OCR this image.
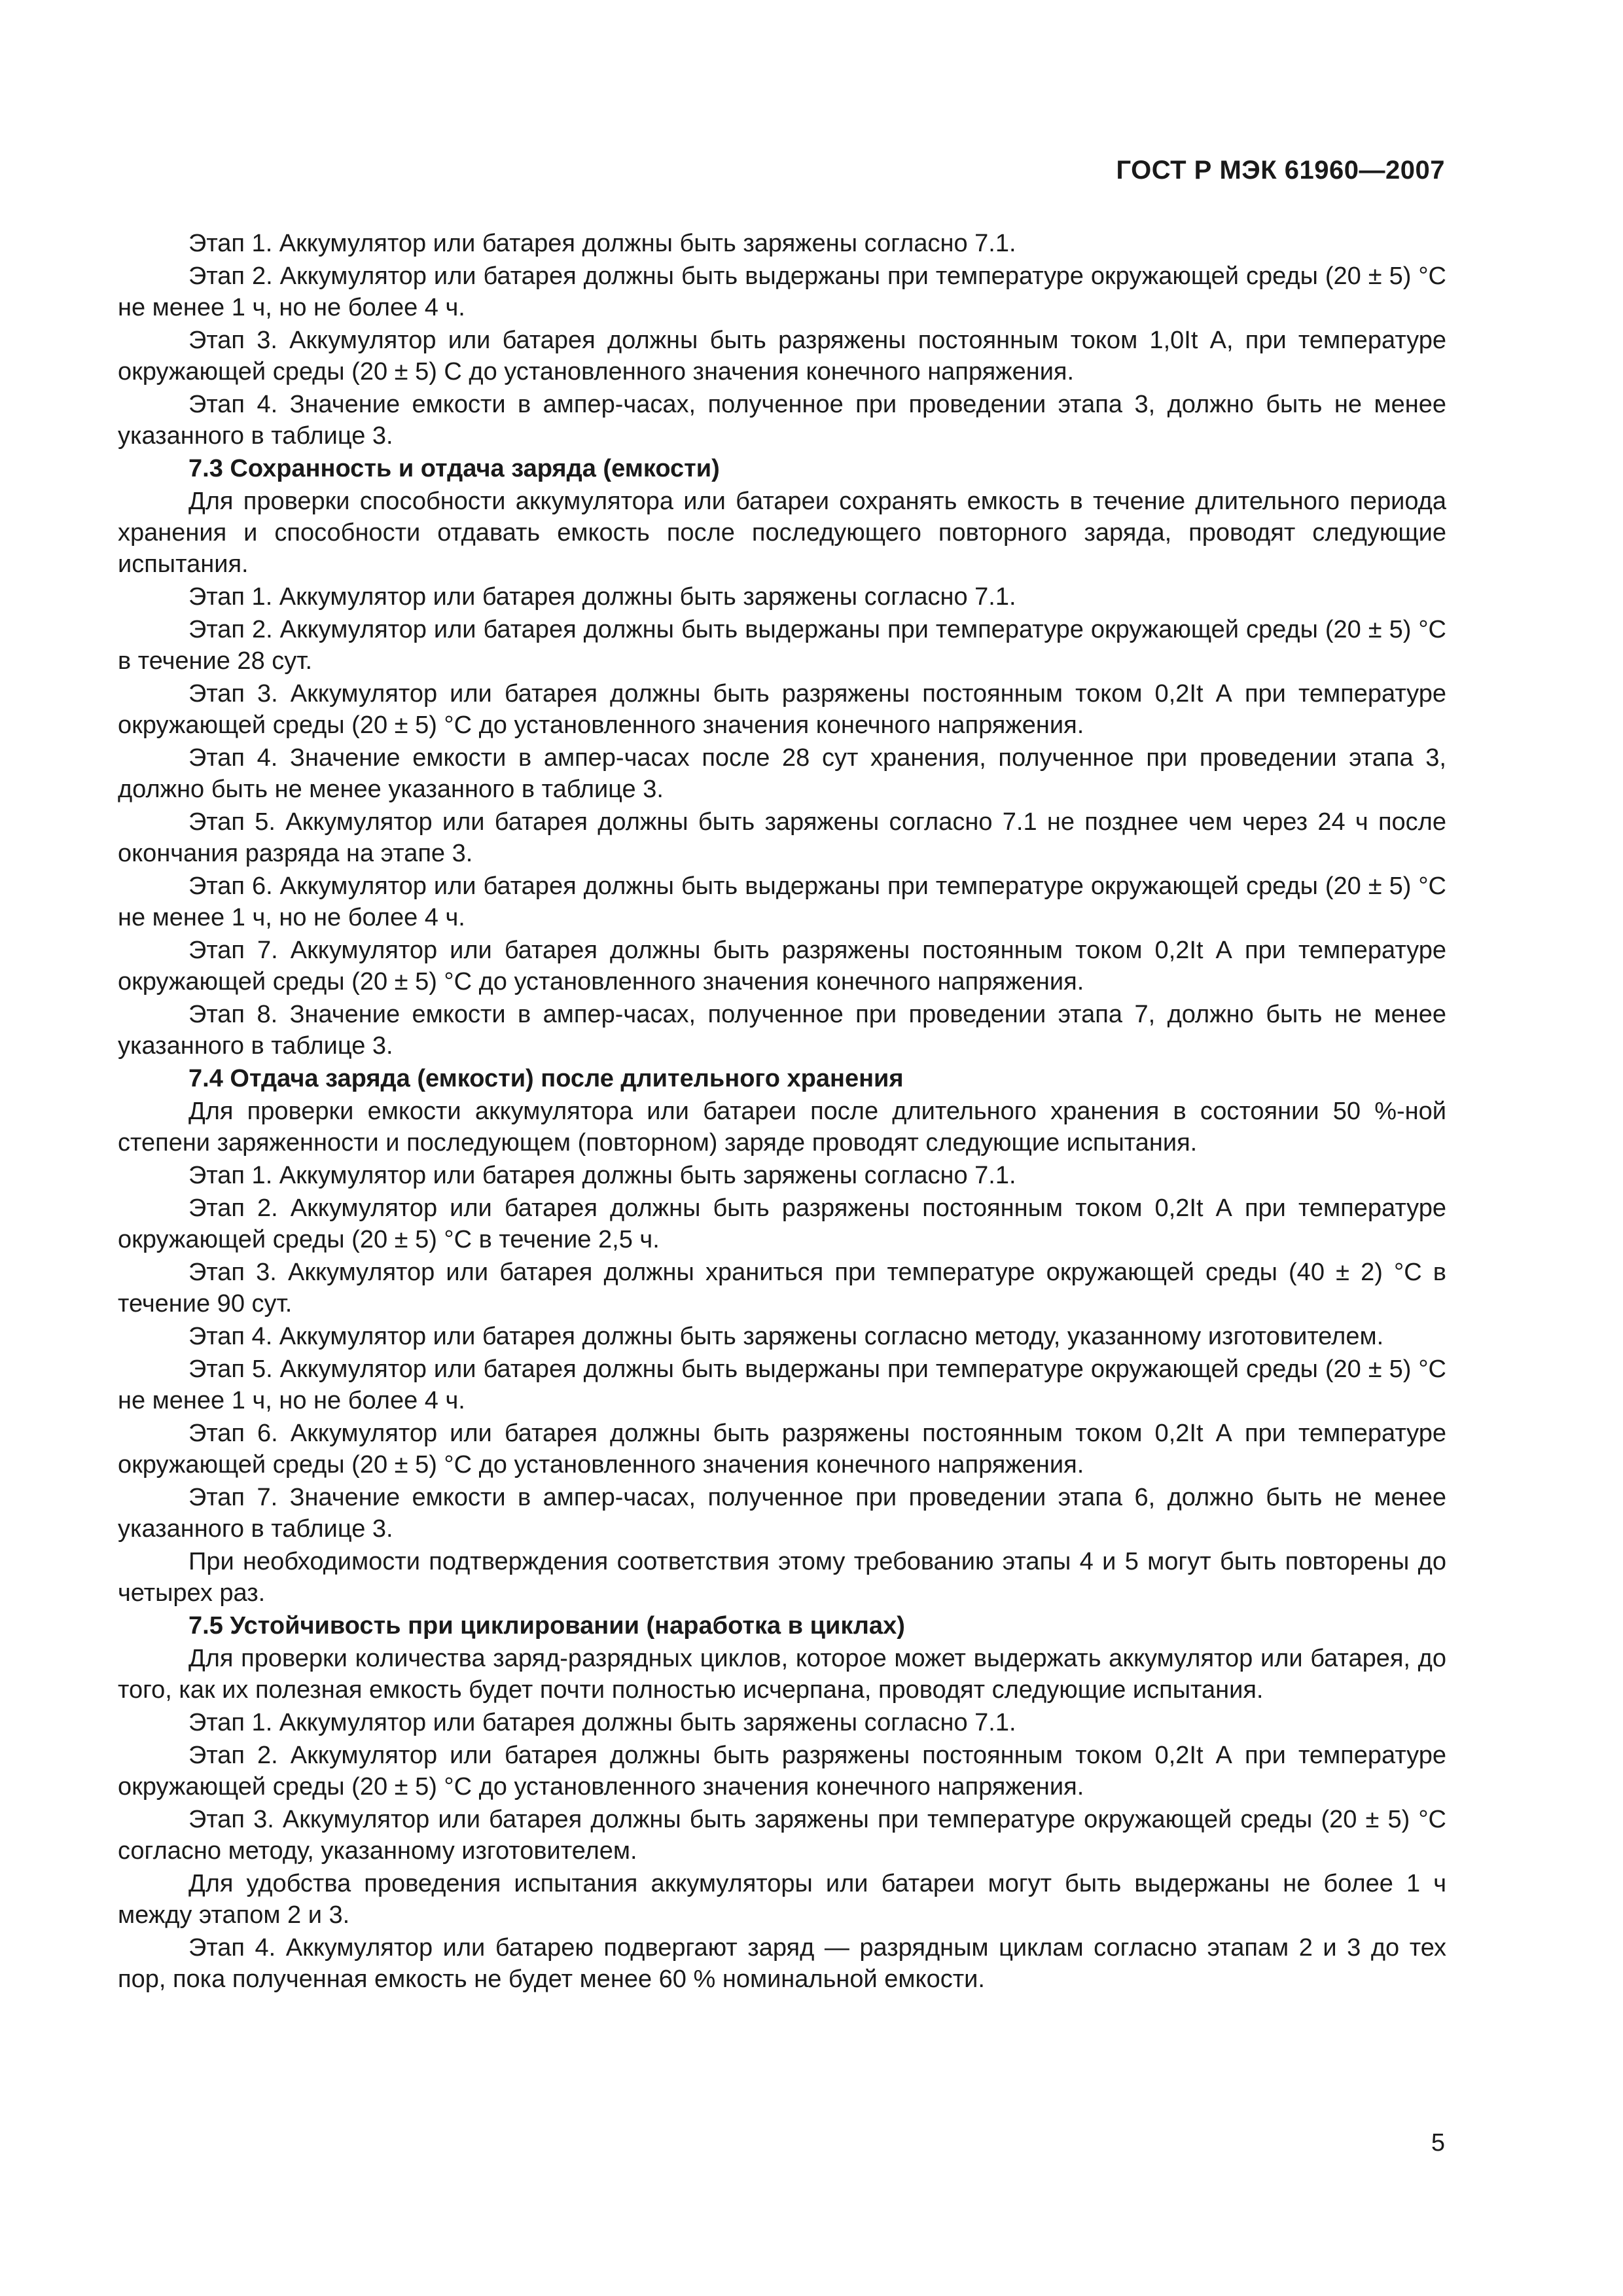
ГОСТ Р МЭК 61960—2007

Этап 1. Аккумулятор или батарея должны быть заряжены согласно 7.1.

Этап 2. Аккумулятор или батарея должны быть выдержаны при температуре окружающей среды (20 ± 5) °С не менее 1 ч, но не более 4 ч.

Этап 3. Аккумулятор или батарея должны быть разряжены постоянным током 1,0It А, при температуре окружающей среды (20 ± 5) С до установленного значения конечного напряжения.

Этап 4. Значение емкости в ампер-часах, полученное при проведении этапа 3, должно быть не менее указанного в таблице 3.

7.3 Сохранность и отдача заряда (емкости)

Для проверки способности аккумулятора или батареи сохранять емкость в течение длительного периода хранения и способности отдавать емкость после последующего повторного заряда, проводят следующие испытания.

Этап 1. Аккумулятор или батарея должны быть заряжены согласно 7.1.

Этап 2. Аккумулятор или батарея должны быть выдержаны при температуре окружающей среды (20 ± 5) °С в течение 28 сут.

Этап 3. Аккумулятор или батарея должны быть разряжены постоянным током 0,2It А при температуре окружающей среды (20 ± 5) °С до установленного значения конечного напряжения.

Этап 4. Значение емкости в ампер-часах после 28 сут хранения, полученное при проведении этапа 3, должно быть не менее указанного в таблице 3.

Этап 5. Аккумулятор или батарея должны быть заряжены согласно 7.1 не позднее чем через 24 ч после окончания разряда на этапе 3.

Этап 6. Аккумулятор или батарея должны быть выдержаны при температуре окружающей среды (20 ± 5) °С не менее 1 ч, но не более 4 ч.

Этап 7. Аккумулятор или батарея должны быть разряжены постоянным током 0,2It А при температуре окружающей среды (20 ± 5) °С до установленного значения конечного напряжения.

Этап 8. Значение емкости в ампер-часах, полученное при проведении этапа 7, должно быть не менее указанного в таблице 3.

7.4 Отдача заряда (емкости) после длительного хранения

Для проверки емкости аккумулятора или батареи после длительного хранения в состоянии 50 %-ной степени заряженности и последующем (повторном) заряде проводят следующие испытания.

Этап 1. Аккумулятор или батарея должны быть заряжены согласно 7.1.

Этап 2. Аккумулятор или батарея должны быть разряжены постоянным током 0,2It А при температуре окружающей среды (20 ± 5) °С в течение 2,5 ч.

Этап 3. Аккумулятор или батарея должны храниться при температуре окружающей среды (40 ± 2) °С в течение 90 сут.

Этап 4. Аккумулятор или батарея должны быть заряжены согласно методу, указанному изготовителем.

Этап 5. Аккумулятор или батарея должны быть выдержаны при температуре окружающей среды (20 ± 5) °С не менее 1 ч, но не более 4 ч.

Этап 6. Аккумулятор или батарея должны быть разряжены постоянным током 0,2It А при температуре окружающей среды (20 ± 5) °С до установленного значения конечного напряжения.

Этап 7. Значение емкости в ампер-часах, полученное при проведении этапа 6, должно быть не менее указанного в таблице 3.

При необходимости подтверждения соответствия этому требованию этапы 4 и 5 могут быть повторены до четырех раз.

7.5 Устойчивость при циклировании (наработка в циклах)

Для проверки количества заряд-разрядных циклов, которое может выдержать аккумулятор или батарея, до того, как их полезная емкость будет почти полностью исчерпана, проводят следующие испытания.

Этап 1. Аккумулятор или батарея должны быть заряжены согласно 7.1.

Этап 2. Аккумулятор или батарея должны быть разряжены постоянным током 0,2It А при температуре окружающей среды (20 ± 5) °С до установленного значения конечного напряжения.

Этап 3. Аккумулятор или батарея должны быть заряжены при температуре окружающей среды (20 ± 5) °С согласно методу, указанному изготовителем.

Для удобства проведения испытания аккумуляторы или батареи могут быть выдержаны не более 1 ч между этапом 2 и 3.

Этап 4. Аккумулятор или батарею подвергают заряд — разрядным циклам согласно этапам 2 и 3 до тех пор, пока полученная емкость не будет менее 60 % номинальной емкости.

5
